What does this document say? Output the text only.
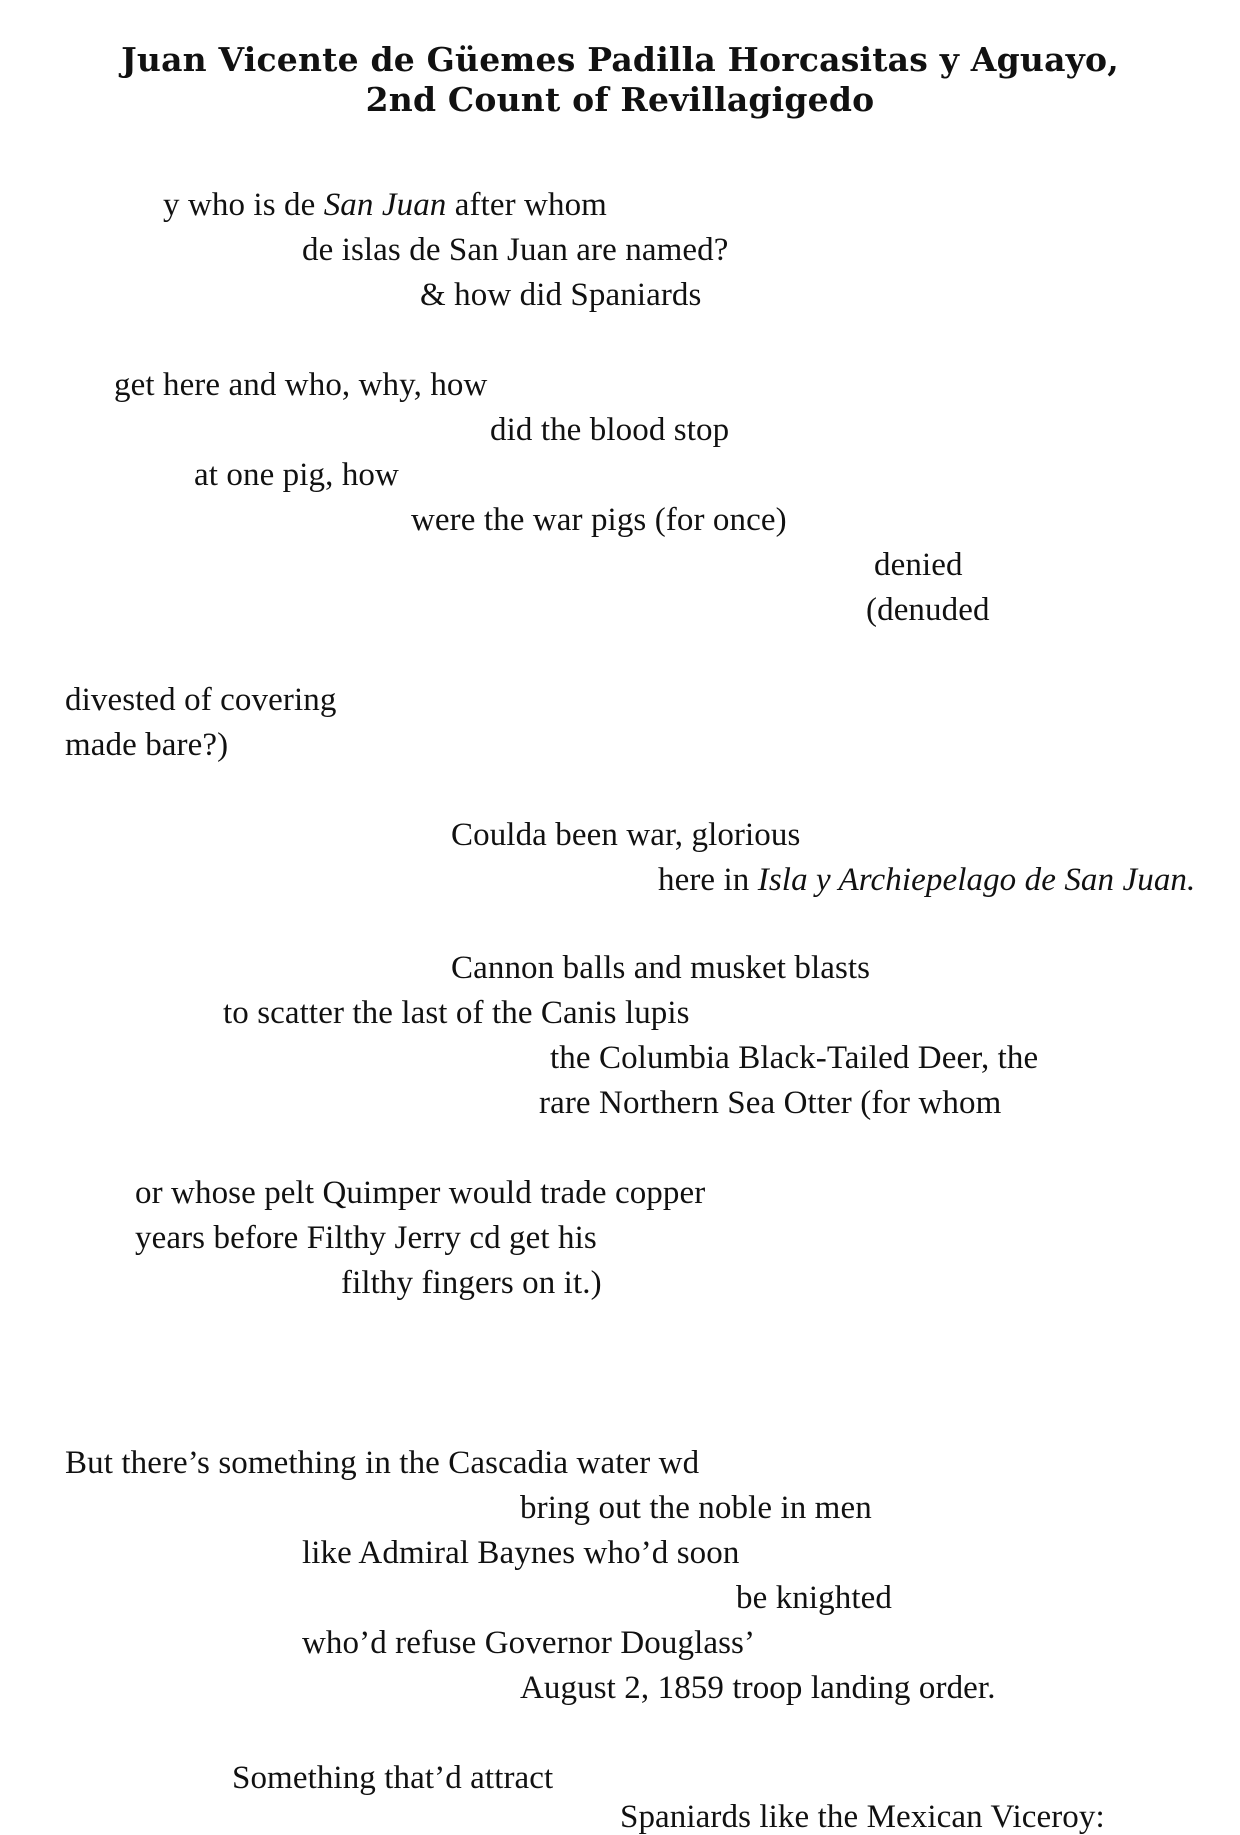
Juan Vicente de Güemes Padilla Horcasitas y Aguayo,
2nd Count of Revillagigedo
y who is de San Juan after whom
de islas de San Juan are named?
& how did Spaniards
get here and who, why, how
did the blood stop
at one pig, how
were the war pigs (for once)
denied
(denuded
divested of covering
made bare?)
Coulda been war, glorious
here in Isla y Archiepelago de San Juan.
Cannon balls and musket blasts
to scatter the last of the Canis lupis
the Columbia Black-Tailed Deer, the
rare Northern Sea Otter (for whom
or whose pelt Quimper would trade copper
years before Filthy Jerry cd get his
filthy fingers on it.)
But there’s something in the Cascadia water wd
bring out the noble in men
like Admiral Baynes who’d soon
be knighted
who’d refuse Governor Douglass’
August 2, 1859 troop landing order.
Something that’d attract
Spaniards like the Mexican Viceroy:
